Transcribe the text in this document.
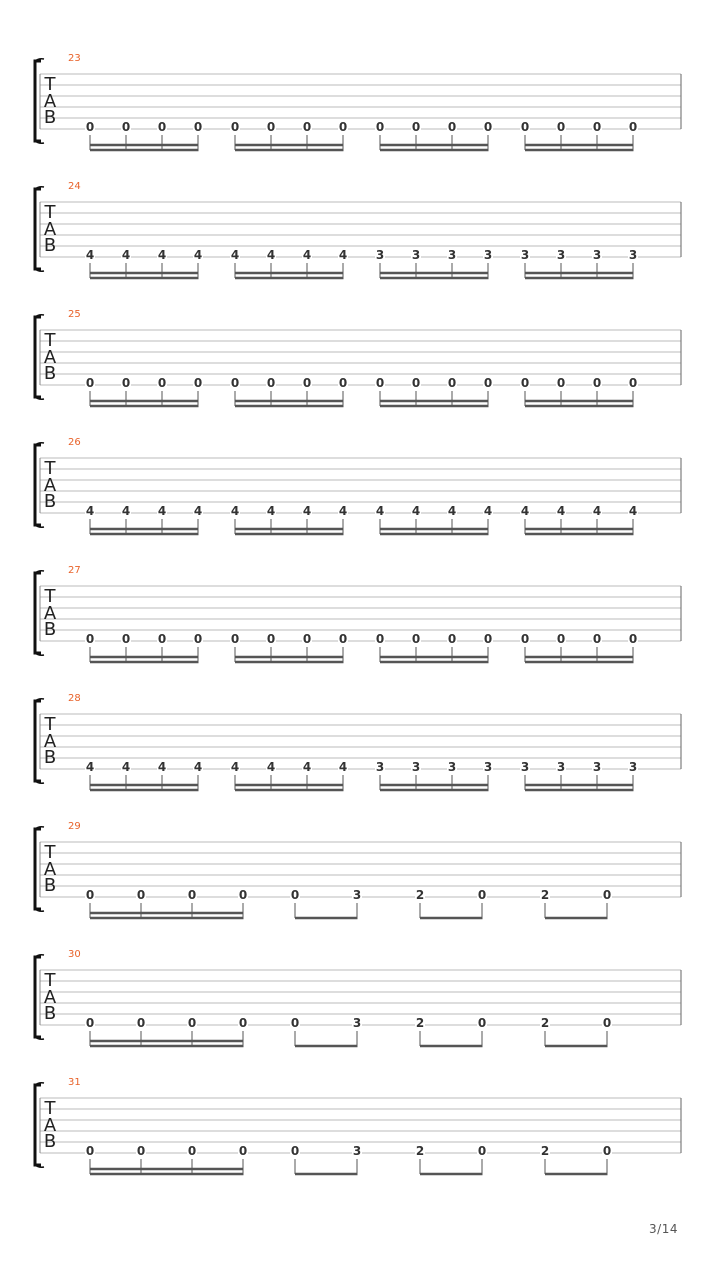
23
T
A
B 0 0 0 0 0 0 0 0 0 0 0 0 0 0 0 0
24
T
A
B 4 4 4 4 4 4 4 4 3 3 3 3 3 3 3 3
25
T
A
B 0 0 0 0 0 0 0 0 0 0 0 0 0 0 0 0
26
T
A
B 4 4 4 4 4 4 4 4 4 4 4 4 4 4 4 4
27
T
A
B 0 0 0 0 0 0 0 0 0 0 0 0 0 0 0 0
28
T
A
B 4 4 4 4 4 4 4 4 3 3 3 3 3 3 3 3
29
T
A
B 0	0	0	0	0	3	2	0	2	0
30
T
A
B 0	0	0	0	0	3	2	0	2	0
31
T
A
B 0	0	0	0	0	3	2	0	2	0
3/14
